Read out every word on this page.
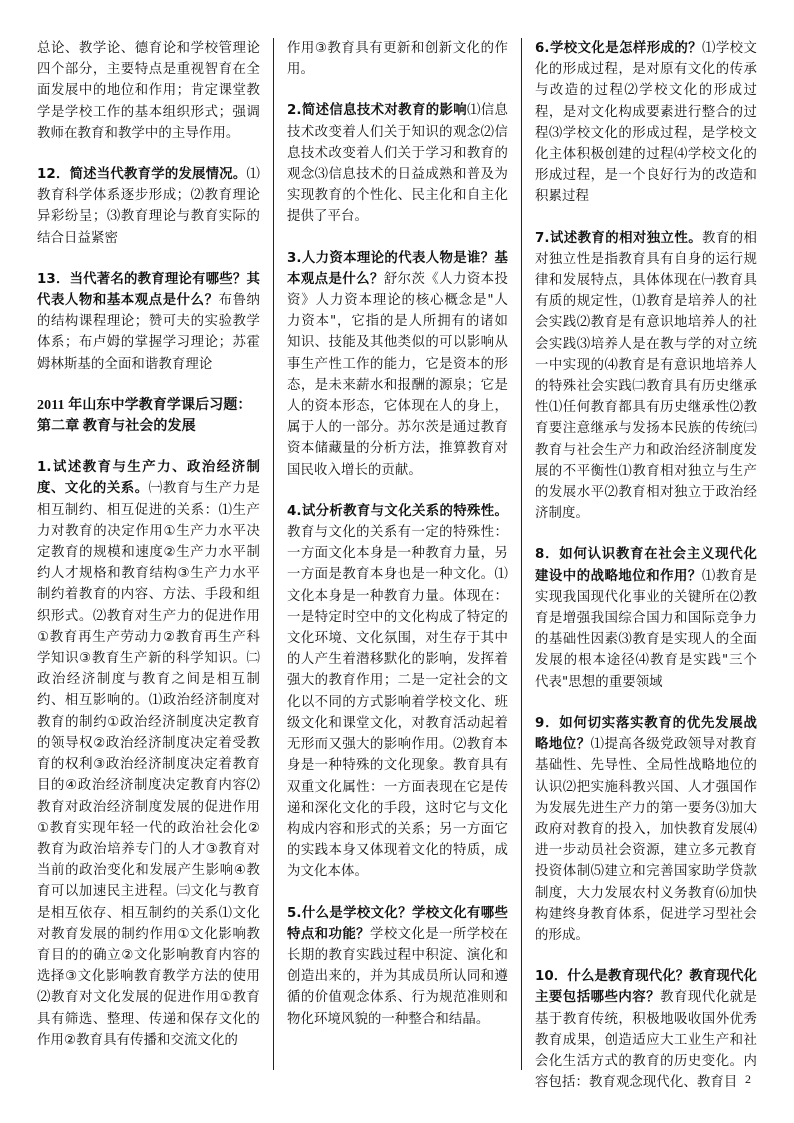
总论、教学论、德育论和学校管理论四个部分，主要特点是重视智育在全面发展中的地位和作用；肯定课堂教学是学校工作的基本组织形式；强调教师在教育和教学中的主导作用。

12．简述当代教育学的发展情况。⑴教育科学体系逐步形成；⑵教育理论异彩纷呈；⑶教育理论与教育实际的结合日益紧密

13．当代著名的教育理论有哪些？其代表人物和基本观点是什么？布鲁纳的结构课程理论；赞可夫的实验教学体系；布卢姆的掌握学习理论；苏霍姆林斯基的全面和谐教育理论

2011 年山东中学教育学课后习题：
第二章 教育与社会的发展

1.试述教育与生产力、政治经济制度、文化的关系。㈠教育与生产力是相互制约、相互促进的关系：⑴生产力对教育的决定作用①生产力水平决定教育的规模和速度②生产力水平制约人才规格和教育结构③生产力水平制约着教育的内容、方法、手段和组织形式。⑵教育对生产力的促进作用①教育再生产劳动力②教育再生产科学知识③教育生产新的科学知识。㈡政治经济制度与教育之间是相互制约、相互影响的。⑴政治经济制度对教育的制约①政治经济制度决定教育的领导权②政治经济制度决定着受教育的权利③政治经济制度决定着教育目的④政治经济制度决定教育内容⑵教育对政治经济制度发展的促进作用①教育实现年轻一代的政治社会化②教育为政治培养专门的人才③教育对当前的政治变化和发展产生影响④教育可以加速民主进程。㈢文化与教育是相互依存、相互制约的关系⑴文化对教育发展的制约作用①文化影响教育目的的确立②文化影响教育内容的选择③文化影响教育教学方法的使用⑵教育对文化发展的促进作用①教育具有筛选、整理、传递和保存文化的作用②教育具有传播和交流文化的

作用③教育具有更新和创新文化的作用。

2.简述信息技术对教育的影响⑴信息技术改变着人们关于知识的观念⑵信息技术改变着人们关于学习和教育的观念⑶信息技术的日益成熟和普及为实现教育的个性化、民主化和自主化提供了平台。

3.人力资本理论的代表人物是谁？基本观点是什么？舒尔茨《人力资本投资》人力资本理论的核心概念是"人力资本"，它指的是人所拥有的诸如知识、技能及其他类似的可以影响从事生产性工作的能力，它是资本的形态，是未来薪水和报酬的源泉；它是人的资本形态，它体现在人的身上，属于人的一部分。苏尔茨是通过教育资本储藏量的分析方法，推算教育对国民收入增长的贡献。

4.试分析教育与文化关系的特殊性。教育与文化的关系有一定的特殊性：一方面文化本身是一种教育力量，另一方面是教育本身也是一种文化。⑴文化本身是一种教育力量。体现在：一是特定时空中的文化构成了特定的文化环境、文化氛围，对生存于其中的人产生着潜移默化的影响，发挥着强大的教育作用；二是一定社会的文化以不同的方式影响着学校文化、班级文化和课堂文化，对教育活动起着无形而又强大的影响作用。⑵教育本身是一种特殊的文化现象。教育具有双重文化属性：一方面表现在它是传递和深化文化的手段，这时它与文化构成内容和形式的关系；另一方面它的实践本身又体现着文化的特质，成为文化本体。

5.什么是学校文化？学校文化有哪些特点和功能？学校文化是一所学校在长期的教育实践过程中积淀、演化和创造出来的，并为其成员所认同和遵循的价值观念体系、行为规范准则和物化环境风貌的一种整合和结晶。

6.学校文化是怎样形成的？⑴学校文化的形成过程，是对原有文化的传承与改造的过程⑵学校文化的形成过程，是对文化构成要素进行整合的过程⑶学校文化的形成过程，是学校文化主体积极创建的过程⑷学校文化的形成过程，是一个良好行为的改造和积累过程

7.试述教育的相对独立性。教育的相对独立性是指教育具有自身的运行规律和发展特点，具体体现在㈠教育具有质的规定性，⑴教育是培养人的社会实践⑵教育是有意识地培养人的社会实践⑶培养人是在教与学的对立统一中实现的⑷教育是有意识地培养人的特殊社会实践㈡教育具有历史继承性⑴任何教育都具有历史继承性⑵教育要注意继承与发扬本民族的传统㈢教育与社会生产力和政治经济制度发展的不平衡性⑴教育相对独立与生产的发展水平⑵教育相对独立于政治经济制度。

8．如何认识教育在社会主义现代化建设中的战略地位和作用？⑴教育是实现我国现代化事业的关键所在⑵教育是增强我国综合国力和国际竞争力的基础性因素⑶教育是实现人的全面发展的根本途径⑷教育是实践"三个代表"思想的重要领域

9．如何切实落实教育的优先发展战略地位？⑴提高各级党政领导对教育基础性、先导性、全局性战略地位的认识⑵把实施科教兴国、人才强国作为发展先进生产力的第一要务⑶加大政府对教育的投入，加快教育发展⑷进一步动员社会资源，建立多元教育投资体制⑸建立和完善国家助学贷款制度，大力发展农村义务教育⑹加快构建终身教育体系，促进学习型社会的形成。

10．什么是教育现代化？教育现代化主要包括哪些内容？教育现代化就是基于教育传统，积极地吸收国外优秀教育成果，创造适应大工业生产和社会化生活方式的教育的历史变化。内容包括：教育观念现代化、教育目 2
